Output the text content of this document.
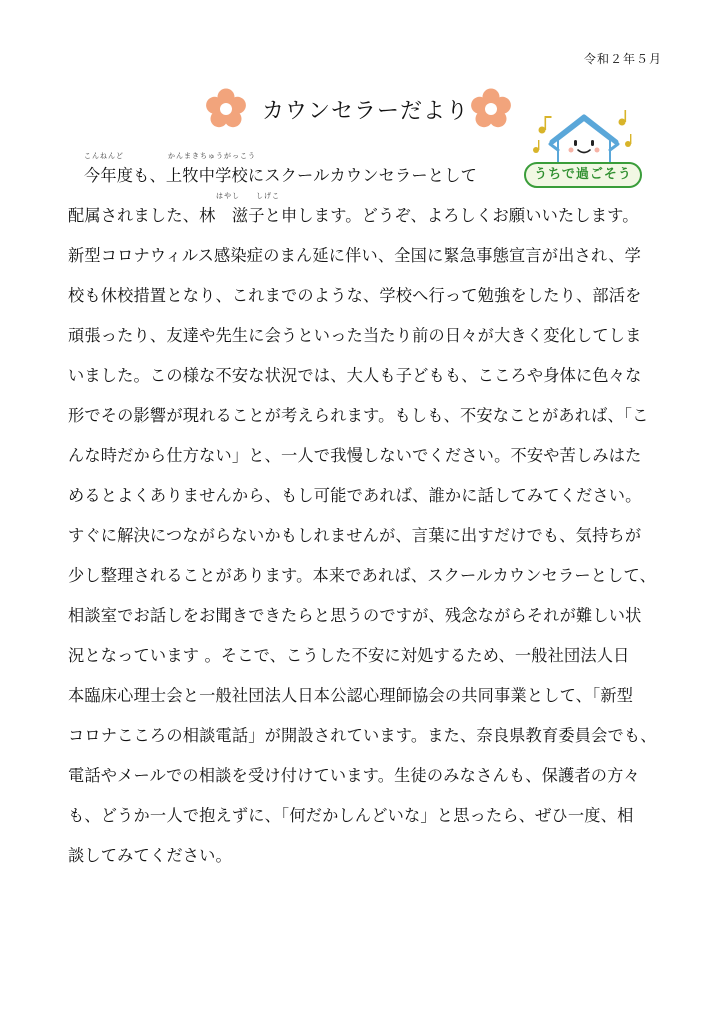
令和２年５月
カウンセラーだより
うちで過ごそう
こんねんど	かんまきちゅうがっこう
今年度も、上牧中学校にスクールカウンセラーとして
はやし しげこ
配属されました、林　滋子と申します。どうぞ、よろしくお願いいたします。
新型コロナウィルス感染症のまん延に伴い、全国に緊急事態宣言が出され、学
校も休校措置となり、これまでのような、学校へ行って勉強をしたり、部活を
頑張ったり、友達や先生に会うといった当たり前の日々が大きく変化してしま
いました。この様な不安な状況では、大人も子どもも、こころや身体に色々な
形でその影響が現れることが考えられます。もしも、不安なことがあれば、「こ
んな時だから仕方ない」と、一人で我慢しないでください。不安や苦しみはた
めるとよくありませんから、もし可能であれば、誰かに話してみてください。
すぐに解決につながらないかもしれませんが、言葉に出すだけでも、気持ちが
少し整理されることがあります。本来であれば、スクールカウンセラーとして、
相談室でお話しをお聞きできたらと思うのですが、残念ながらそれが難しい状
況となっています 。そこで、こうした不安に対処するため、一般社団法人日
本臨床心理士会と一般社団法人日本公認心理師協会の共同事業として、「新型
コロナこころの相談電話」が開設されています。また、奈良県教育委員会でも、
電話やメールでの相談を受け付けています。生徒のみなさんも、保護者の方々
も、どうか一人で抱えずに、「何だかしんどいな」と思ったら、ぜひ一度、相
談してみてください。
